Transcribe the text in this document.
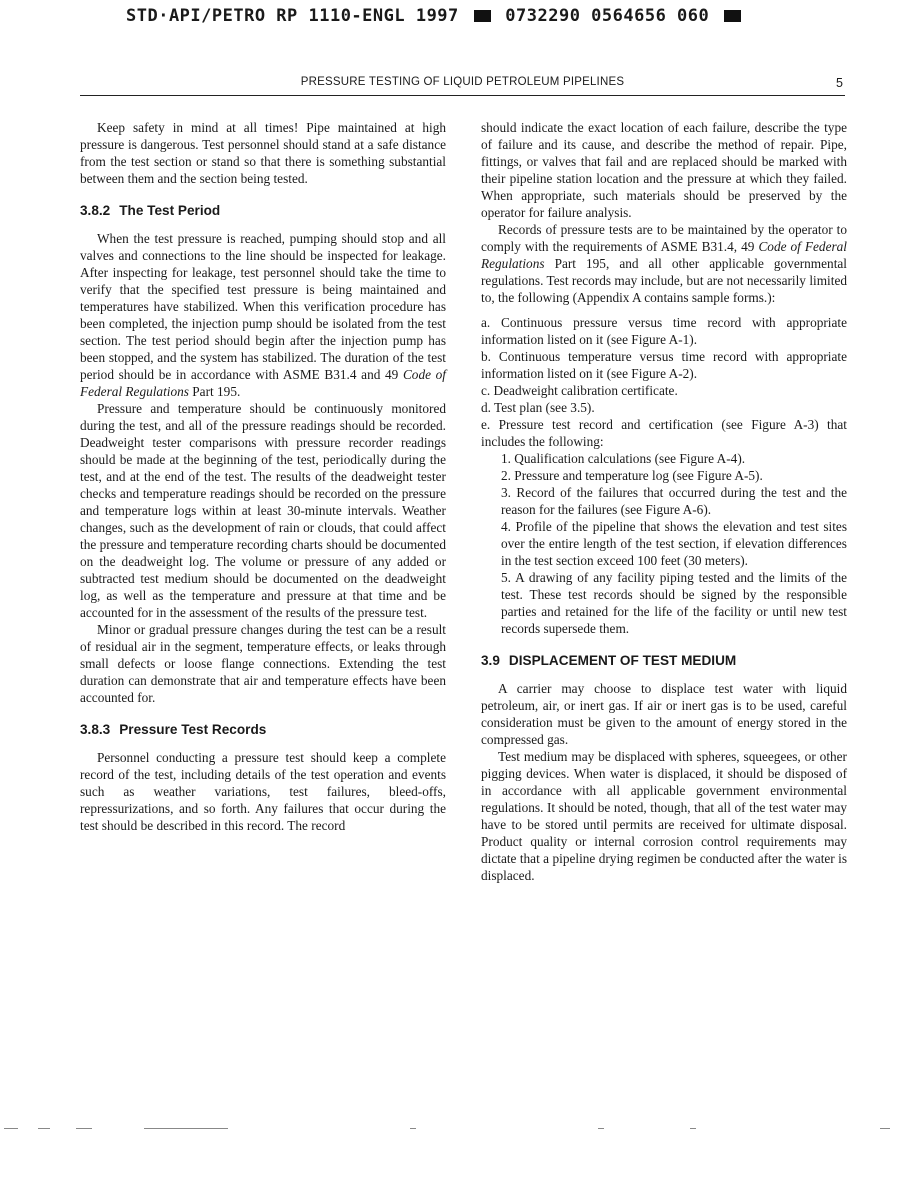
STD·API/PETRO RP 1110-ENGL 1997	0732290 0564656 060
PRESSURE TESTING OF LIQUID PETROLEUM PIPELINES	5

Keep safety in mind at all times! Pipe maintained at high pressure is dangerous. Test personnel should stand at a safe distance from the test section or stand so that there is something substantial between them and the section being tested.

3.8.2 The Test Period

When the test pressure is reached, pumping should stop and all valves and connections to the line should be inspected for leakage. After inspecting for leakage, test personnel should take the time to verify that the specified test pressure is being maintained and temperatures have stabilized. When this verification procedure has been completed, the injection pump should be isolated from the test section. The test period should begin after the injection pump has been stopped, and the system has stabilized. The duration of the test period should be in accordance with ASME B31.4 and 49 Code of Federal Regulations Part 195.

Pressure and temperature should be continuously monitored during the test, and all of the pressure readings should be recorded. Deadweight tester comparisons with pressure recorder readings should be made at the beginning of the test, periodically during the test, and at the end of the test. The results of the deadweight tester checks and temperature readings should be recorded on the pressure and temperature logs within at least 30-minute intervals. Weather changes, such as the development of rain or clouds, that could affect the pressure and temperature recording charts should be documented on the deadweight log. The volume or pressure of any added or subtracted test medium should be documented on the deadweight log, as well as the temperature and pressure at that time and be accounted for in the assessment of the results of the pressure test.

Minor or gradual pressure changes during the test can be a result of residual air in the segment, temperature effects, or leaks through small defects or loose flange connections. Extending the test duration can demonstrate that air and temperature effects have been accounted for.

3.8.3 Pressure Test Records

Personnel conducting a pressure test should keep a complete record of the test, including details of the test operation and events such as weather variations, test failures, bleed-offs, repressurizations, and so forth. Any failures that occur during the test should be described in this record. The record

should indicate the exact location of each failure, describe the type of failure and its cause, and describe the method of repair. Pipe, fittings, or valves that fail and are replaced should be marked with their pipeline station location and the pressure at which they failed. When appropriate, such materials should be preserved by the operator for failure analysis.

Records of pressure tests are to be maintained by the operator to comply with the requirements of ASME B31.4, 49 Code of Federal Regulations Part 195, and all other applicable governmental regulations. Test records may include, but are not necessarily limited to, the following (Appendix A contains sample forms.):

a. Continuous pressure versus time record with appropriate information listed on it (see Figure A-1).
b. Continuous temperature versus time record with appropriate information listed on it (see Figure A-2).
c. Deadweight calibration certificate.
d. Test plan (see 3.5).
e. Pressure test record and certification (see Figure A-3) that includes the following:
1. Qualification calculations (see Figure A-4).
2. Pressure and temperature log (see Figure A-5).
3. Record of the failures that occurred during the test and the reason for the failures (see Figure A-6).
4. Profile of the pipeline that shows the elevation and test sites over the entire length of the test section, if elevation differences in the test section exceed 100 feet (30 meters).
5. A drawing of any facility piping tested and the limits of the test. These test records should be signed by the responsible parties and retained for the life of the facility or until new test records supersede them.
3.9 DISPLACEMENT OF TEST MEDIUM

A carrier may choose to displace test water with liquid petroleum, air, or inert gas. If air or inert gas is to be used, careful consideration must be given to the amount of energy stored in the compressed gas.

Test medium may be displaced with spheres, squeegees, or other pigging devices. When water is displaced, it should be disposed of in accordance with all applicable government environmental regulations. It should be noted, though, that all of the test water may have to be stored until permits are received for ultimate disposal. Product quality or internal corrosion control requirements may dictate that a pipeline drying regimen be conducted after the water is displaced.
